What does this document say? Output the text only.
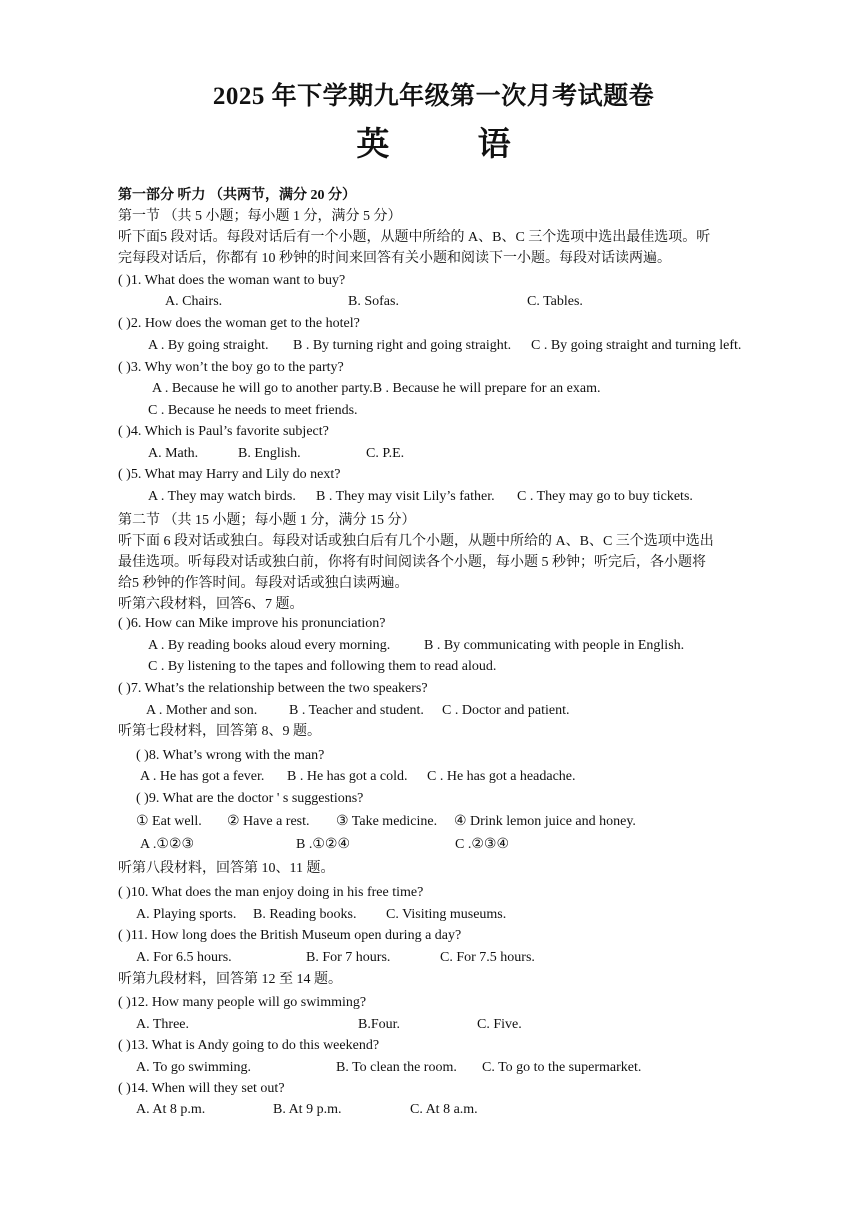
2025 年下学期九年级第一次月考试题卷
英 语
第一部分 听力 （共两节，满分 20 分）
第一节 （共 5 小题；每小题 1 分，满分 5 分）
听下面5 段对话。每段对话后有一个小题，从题中所给的 A、B、C 三个选项中选出最佳选项。听
完每段对话后，你都有 10 秒钟的时间来回答有关小题和阅读下一小题。每段对话读两遍。
( )1. What does the woman want to buy?
A. Chairs.	B. Sofas.	C. Tables.
( )2. How does the woman get to the hotel?
A . By going straight. B . By turning right and going straight. C . By going straight and turning left.
( )3. Why won’t the boy go to the party?
A . Because he will go to another party.B . Because he will prepare for an exam.
C . Because he needs to meet friends.
( )4. Which is Paul’s favorite subject?
A. Math.	B. English.	C. P.E.
( )5. What may Harry and Lily do next?
A . They may watch birds. B . They may visit Lily’s father. C . They may go to buy tickets.
第二节 （共 15 小题；每小题 1 分，满分 15 分）
听下面 6 段对话或独白。每段对话或独白后有几个小题，从题中所给的 A、B、C 三个选项中选出
最佳选项。听每段对话或独白前，你将有时间阅读各个小题，每小题 5 秒钟；听完后，各小题将
给5 秒钟的作答时间。每段对话或独白读两遍。
听第六段材料，回答6、7 题。
( )6. How can Mike improve his pronunciation?
A . By reading books aloud every morning. B . By communicating with people in English.
C . By listening to the tapes and following them to read aloud.
( )7. What’s the relationship between the two speakers?
A . Mother and son. B . Teacher and student. C . Doctor and patient.
听第七段材料，回答第 8、9 题。
( )8. What’s wrong with the man?
A . He has got a fever. B . He has got a cold. C . He has got a headache.
( )9. What are the doctor ' s suggestions?
① Eat well. ② Have a rest. ③ Take medicine. ④ Drink lemon juice and honey.
A .①②③	B .①②④	C .②③④
听第八段材料，回答第 10、11 题。
( )10. What does the man enjoy doing in his free time?
A. Playing sports. B. Reading books. C. Visiting museums.
( )11. How long does the British Museum open during a day?
A. For 6.5 hours.	B. For 7 hours.	C. For 7.5 hours.
听第九段材料，回答第 12 至 14 题。
( )12. How many people will go swimming?
A. Three.	B.Four.	C. Five.
( )13. What is Andy going to do this weekend?
A. To go swimming.	B. To clean the room. C. To go to the supermarket.
( )14. When will they set out?
A. At 8 p.m.	B. At 9 p.m.	C. At 8 a.m.
